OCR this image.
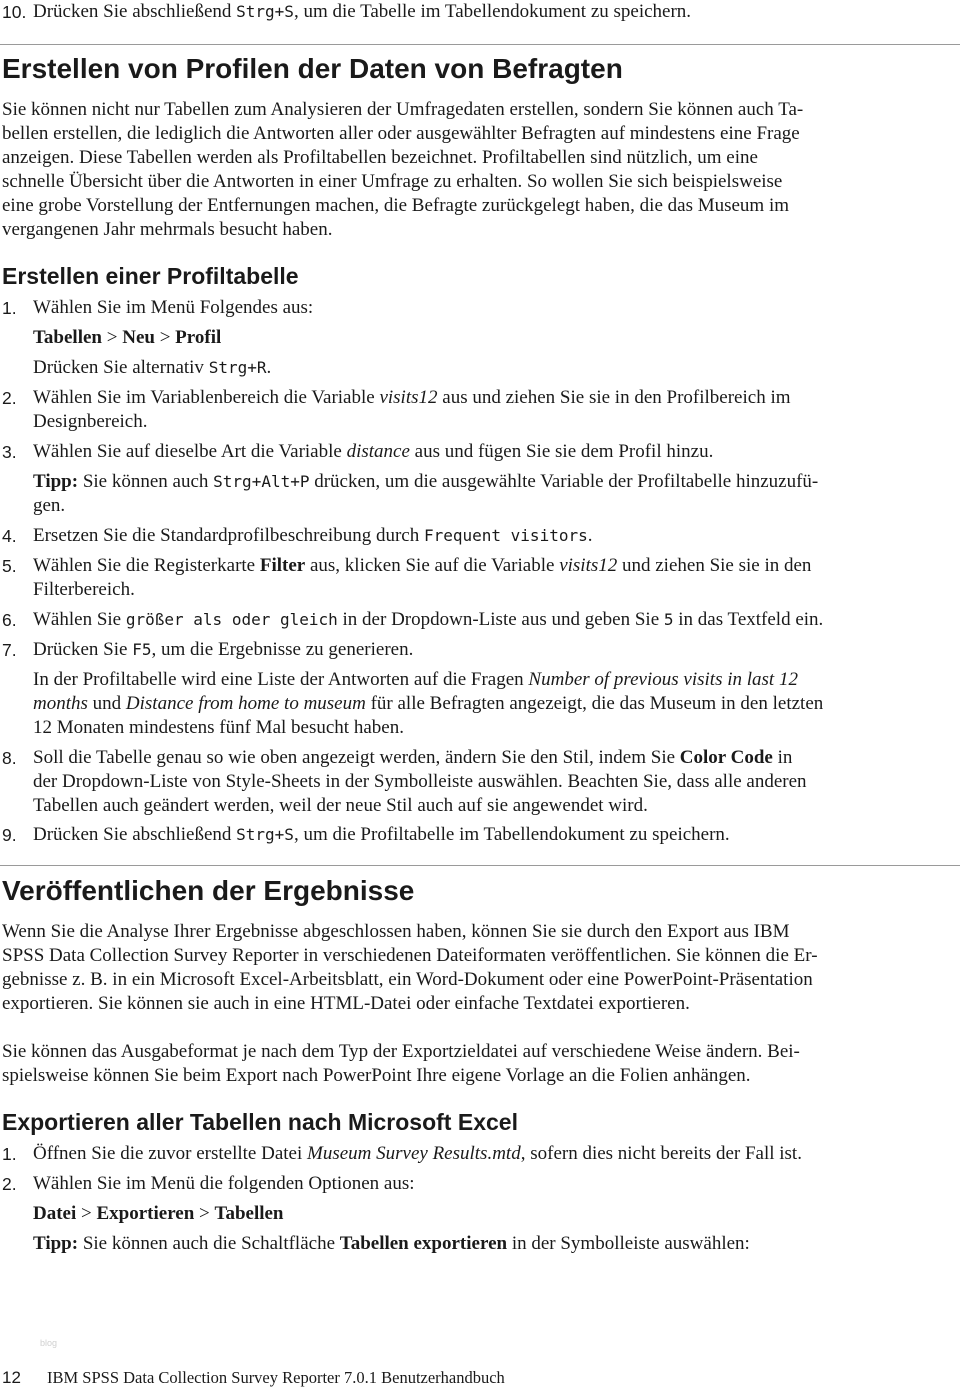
10. Drücken Sie abschließend Strg+S, um die Tabelle im Tabellendokument zu speichern.
Erstellen von Profilen der Daten von Befragten
Sie können nicht nur Tabellen zum Analysieren der Umfragedaten erstellen, sondern Sie können auch Ta-
bellen erstellen, die lediglich die Antworten aller oder ausgewählter Befragten auf mindestens eine Frage
anzeigen. Diese Tabellen werden als Profiltabellen bezeichnet. Profiltabellen sind nützlich, um eine
schnelle Übersicht über die Antworten in einer Umfrage zu erhalten. So wollen Sie sich beispielsweise
eine grobe Vorstellung der Entfernungen machen, die Befragte zurückgelegt haben, die das Museum im
vergangenen Jahr mehrmals besucht haben.
Erstellen einer Profiltabelle
1. Wählen Sie im Menü Folgendes aus:
Tabellen > Neu > Profil
Drücken Sie alternativ Strg+R.
2. Wählen Sie im Variablenbereich die Variable visits12 aus und ziehen Sie sie in den Profilbereich im
Designbereich.
3. Wählen Sie auf dieselbe Art die Variable distance aus und fügen Sie sie dem Profil hinzu.
Tipp: Sie können auch Strg+Alt+P drücken, um die ausgewählte Variable der Profiltabelle hinzuzufü-
gen.
4. Ersetzen Sie die Standardprofilbeschreibung durch Frequent visitors.
5. Wählen Sie die Registerkarte Filter aus, klicken Sie auf die Variable visits12 und ziehen Sie sie in den
Filterbereich.
6. Wählen Sie größer als oder gleich in der Dropdown-Liste aus und geben Sie 5 in das Textfeld ein.
7. Drücken Sie F5, um die Ergebnisse zu generieren.
In der Profiltabelle wird eine Liste der Antworten auf die Fragen Number of previous visits in last 12
months und Distance from home to museum für alle Befragten angezeigt, die das Museum in den letzten
12 Monaten mindestens fünf Mal besucht haben.
8. Soll die Tabelle genau so wie oben angezeigt werden, ändern Sie den Stil, indem Sie Color Code in
der Dropdown-Liste von Style-Sheets in der Symbolleiste auswählen. Beachten Sie, dass alle anderen
Tabellen auch geändert werden, weil der neue Stil auch auf sie angewendet wird.
9. Drücken Sie abschließend Strg+S, um die Profiltabelle im Tabellendokument zu speichern.
Veröffentlichen der Ergebnisse
Wenn Sie die Analyse Ihrer Ergebnisse abgeschlossen haben, können Sie sie durch den Export aus IBM
SPSS Data Collection Survey Reporter in verschiedenen Dateiformaten veröffentlichen. Sie können die Er-
gebnisse z. B. in ein Microsoft Excel-Arbeitsblatt, ein Word-Dokument oder eine PowerPoint-Präsentation
exportieren. Sie können sie auch in eine HTML-Datei oder einfache Textdatei exportieren.
Sie können das Ausgabeformat je nach dem Typ der Exportzieldatei auf verschiedene Weise ändern. Bei-
spielsweise können Sie beim Export nach PowerPoint Ihre eigene Vorlage an die Folien anhängen.
Exportieren aller Tabellen nach Microsoft Excel
1. Öffnen Sie die zuvor erstellte Datei Museum Survey Results.mtd, sofern dies nicht bereits der Fall ist.
2. Wählen Sie im Menü die folgenden Optionen aus:
Datei > Exportieren > Tabellen
Tipp: Sie können auch die Schaltfläche Tabellen exportieren in der Symbolleiste auswählen:
blog
12 IBM SPSS Data Collection Survey Reporter 7.0.1 Benutzerhandbuch
